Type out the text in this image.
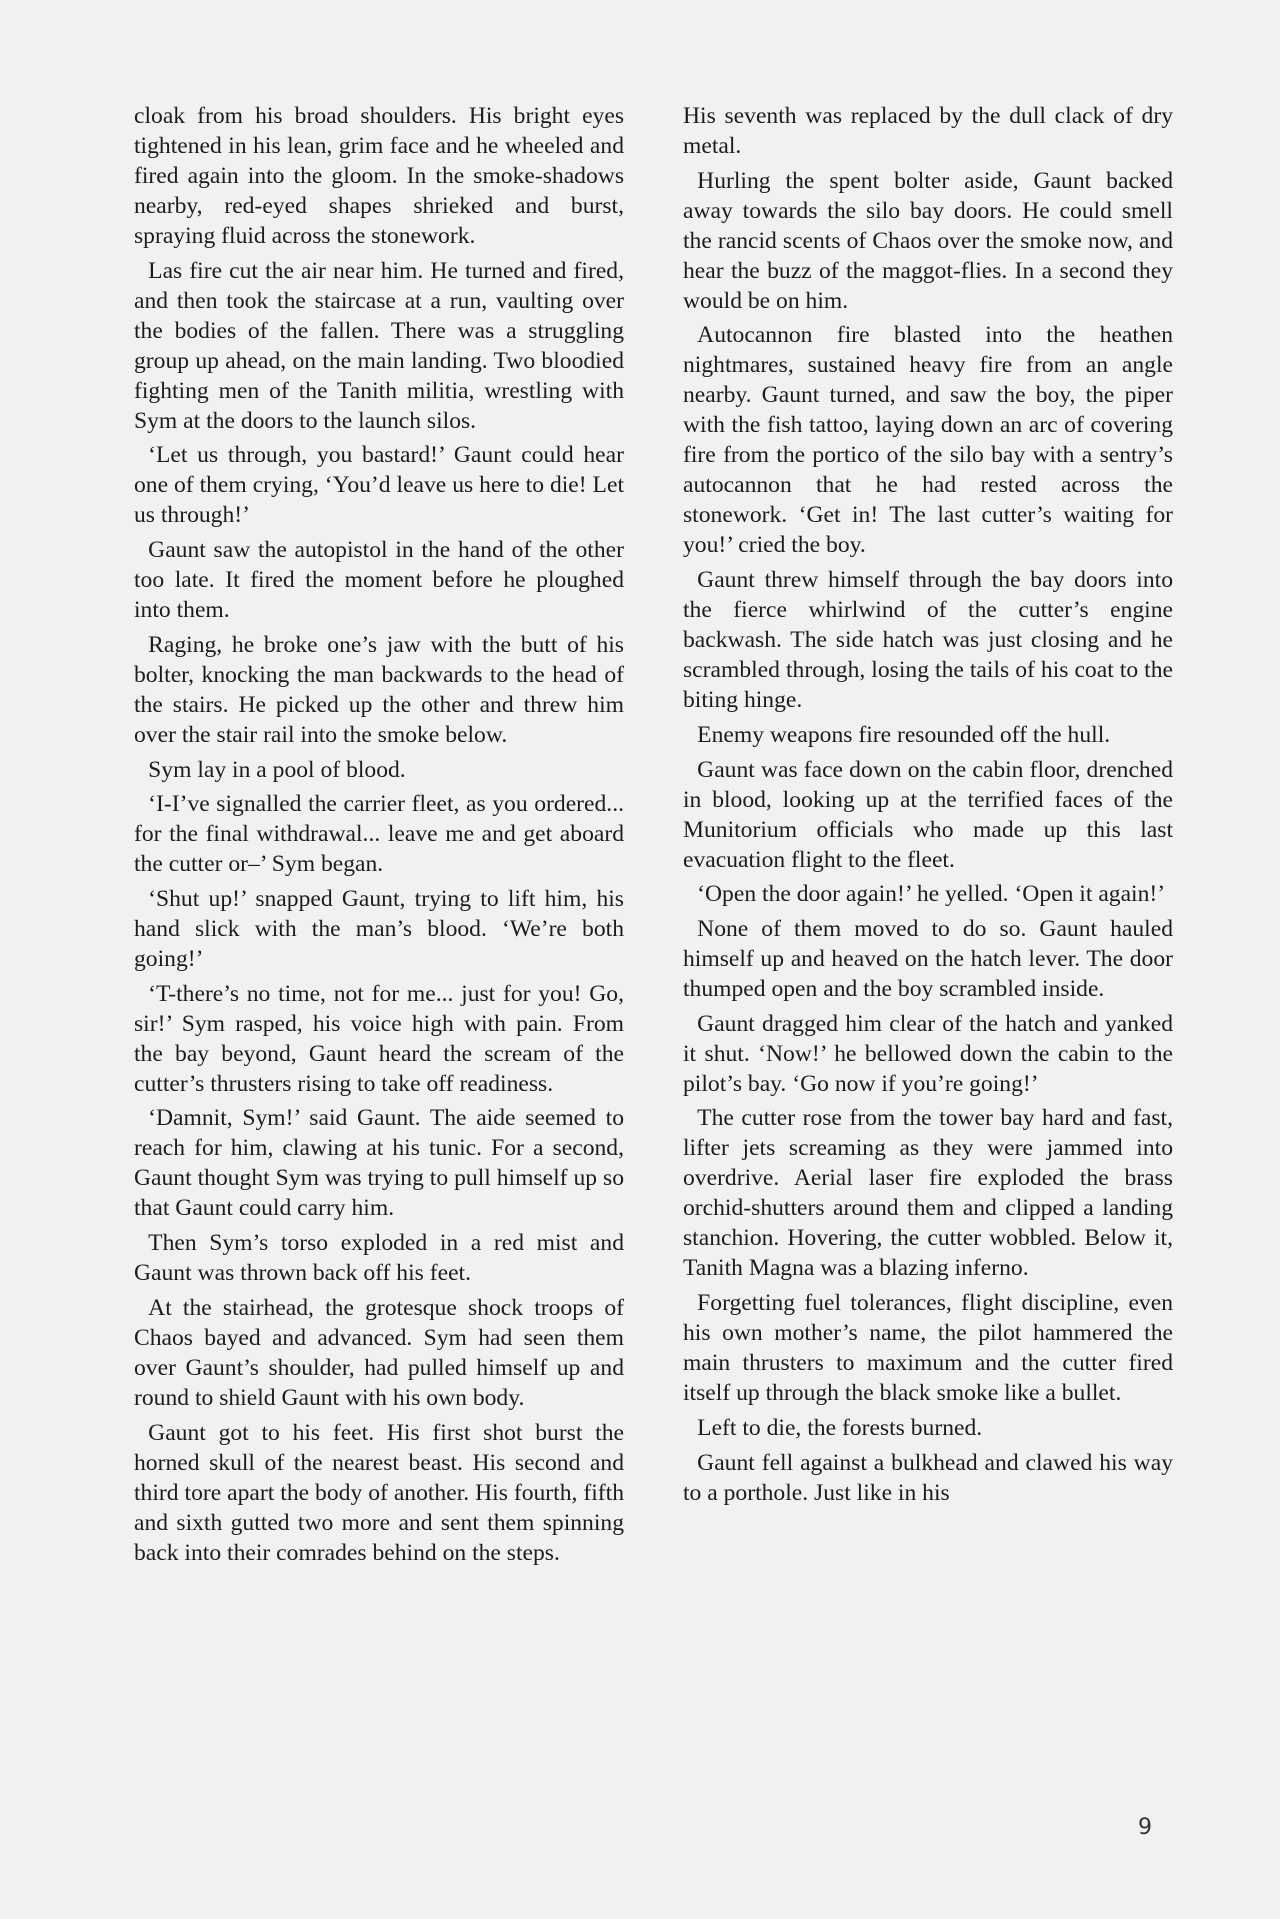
cloak from his broad shoulders. His bright eyes tightened in his lean, grim face and he wheeled and fired again into the gloom. In the smoke-shadows nearby, red-eyed shapes shrieked and burst, spraying fluid across the stonework.

Las fire cut the air near him. He turned and fired, and then took the staircase at a run, vaulting over the bodies of the fallen. There was a struggling group up ahead, on the main landing. Two bloodied fighting men of the Tanith militia, wrestling with Sym at the doors to the launch silos.

‘Let us through, you bastard!’ Gaunt could hear one of them crying, ‘You’d leave us here to die! Let us through!’

Gaunt saw the autopistol in the hand of the other too late. It fired the moment before he ploughed into them.

Raging, he broke one’s jaw with the butt of his bolter, knocking the man backwards to the head of the stairs. He picked up the other and threw him over the stair rail into the smoke below.

Sym lay in a pool of blood.

‘I-I’ve signalled the carrier fleet, as you ordered... for the final withdrawal... leave me and get aboard the cutter or–’ Sym began.

‘Shut up!’ snapped Gaunt, trying to lift him, his hand slick with the man’s blood. ‘We’re both going!’

‘T-there’s no time, not for me... just for you! Go, sir!’ Sym rasped, his voice high with pain. From the bay beyond, Gaunt heard the scream of the cutter’s thrusters rising to take off readiness.

‘Damnit, Sym!’ said Gaunt. The aide seemed to reach for him, clawing at his tunic. For a second, Gaunt thought Sym was trying to pull himself up so that Gaunt could carry him.

Then Sym’s torso exploded in a red mist and Gaunt was thrown back off his feet.

At the stairhead, the grotesque shock troops of Chaos bayed and advanced. Sym had seen them over Gaunt’s shoulder, had pulled himself up and round to shield Gaunt with his own body.

Gaunt got to his feet. His first shot burst the horned skull of the nearest beast. His second and third tore apart the body of another. His fourth, fifth and sixth gutted two more and sent them spinning back into their comrades behind on the steps.

His seventh was replaced by the dull clack of dry metal.

Hurling the spent bolter aside, Gaunt backed away towards the silo bay doors. He could smell the rancid scents of Chaos over the smoke now, and hear the buzz of the maggot-flies. In a second they would be on him.

Autocannon fire blasted into the heathen nightmares, sustained heavy fire from an angle nearby. Gaunt turned, and saw the boy, the piper with the fish tattoo, laying down an arc of covering fire from the portico of the silo bay with a sentry’s autocannon that he had rested across the stonework. ‘Get in! The last cutter’s waiting for you!’ cried the boy.

Gaunt threw himself through the bay doors into the fierce whirlwind of the cutter’s engine backwash. The side hatch was just closing and he scrambled through, losing the tails of his coat to the biting hinge.

Enemy weapons fire resounded off the hull.

Gaunt was face down on the cabin floor, drenched in blood, looking up at the terrified faces of the Munitorium officials who made up this last evacuation flight to the fleet.

‘Open the door again!’ he yelled. ‘Open it again!’

None of them moved to do so. Gaunt hauled himself up and heaved on the hatch lever. The door thumped open and the boy scrambled inside.

Gaunt dragged him clear of the hatch and yanked it shut. ‘Now!’ he bellowed down the cabin to the pilot’s bay. ‘Go now if you’re going!’

The cutter rose from the tower bay hard and fast, lifter jets screaming as they were jammed into overdrive. Aerial laser fire exploded the brass orchid-shutters around them and clipped a landing stanchion. Hovering, the cutter wobbled. Below it, Tanith Magna was a blazing inferno.

Forgetting fuel tolerances, flight discipline, even his own mother’s name, the pilot hammered the main thrusters to maximum and the cutter fired itself up through the black smoke like a bullet.

Left to die, the forests burned.

Gaunt fell against a bulkhead and clawed his way to a porthole. Just like in his

9
